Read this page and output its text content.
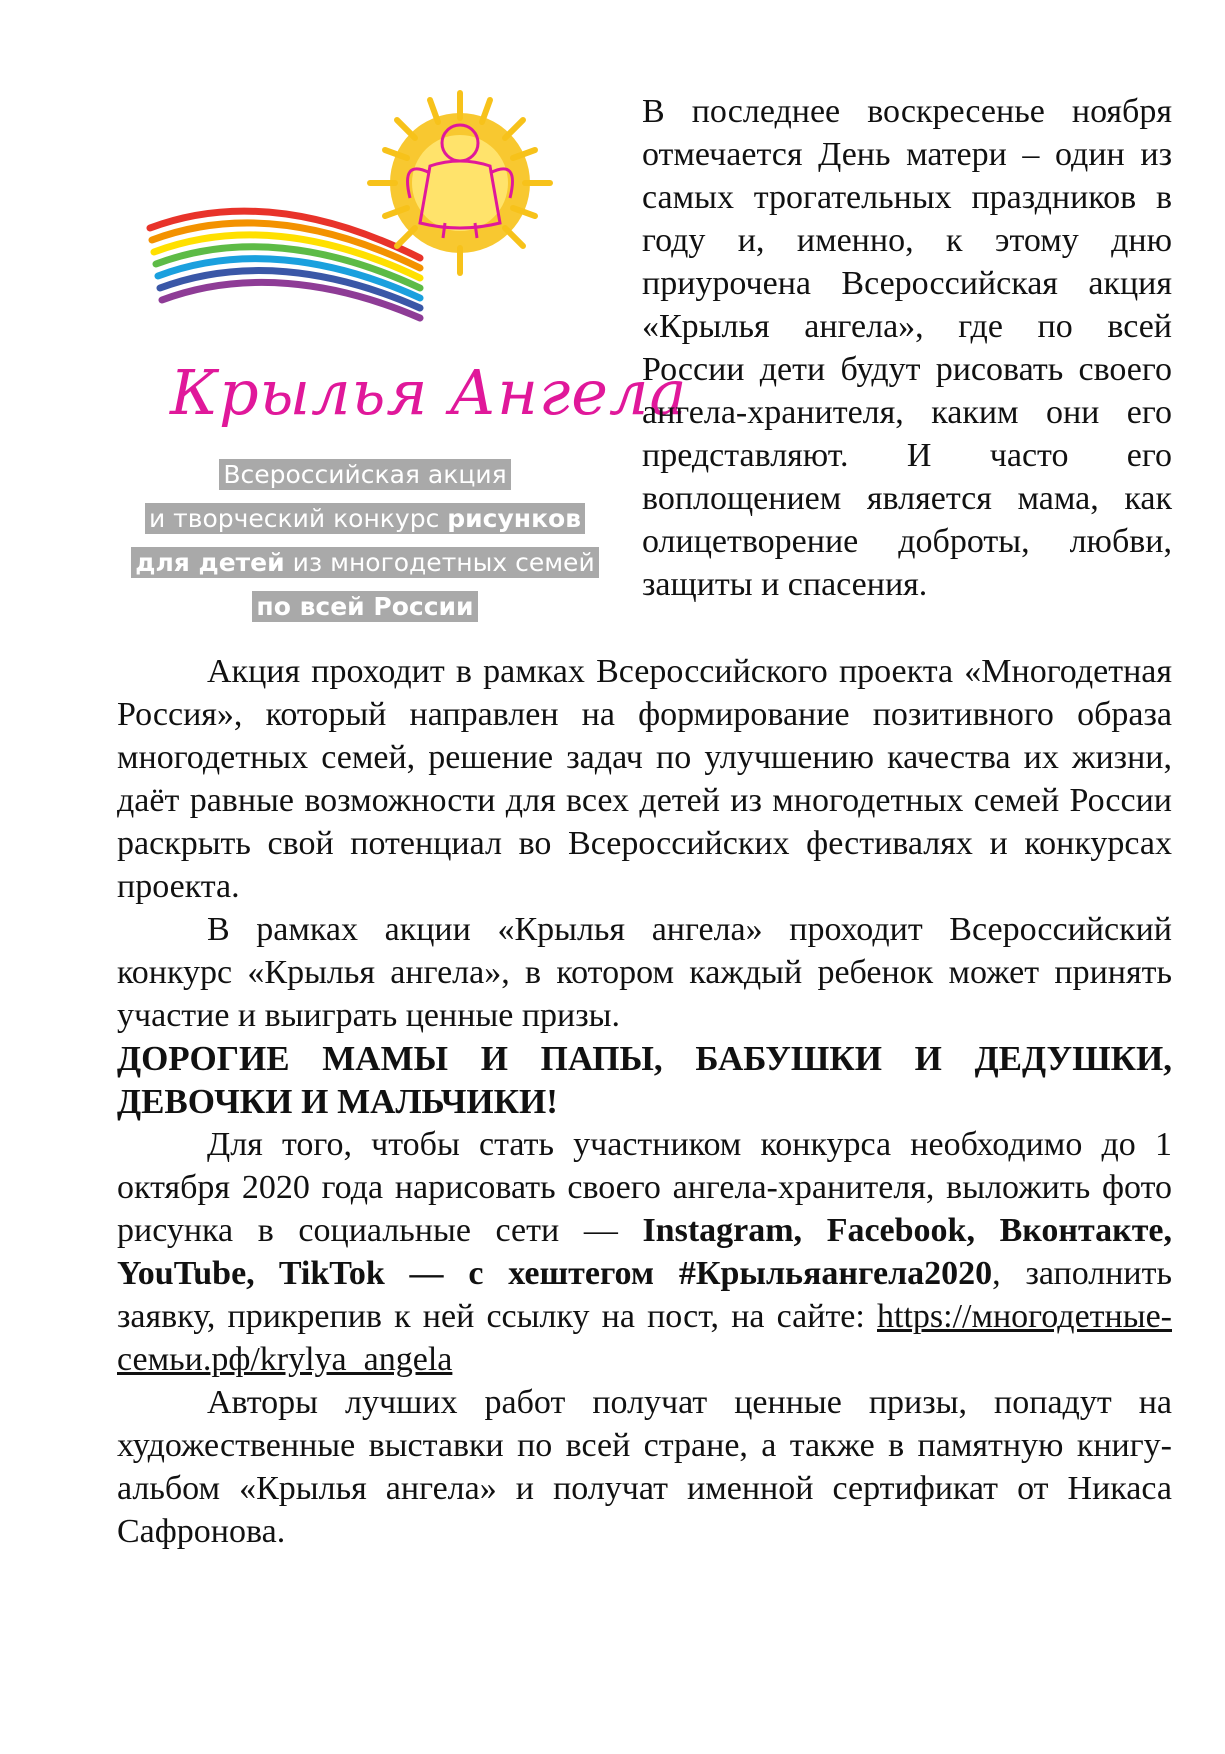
Крылья Ангела
Всероссийская акция
и творческий конкурс рисунков
для детей из многодетных семей
по всей России

В последнее воскресенье ноября отмечается День матери – один из самых трогательных праздников в году и, именно, к этому дню приурочена Всероссийская акция «Крылья ангела», где по всей России дети будут рисовать своего ангела-хранителя, каким они его представляют. И часто его воплощением является мама, как олицетворение доброты, любви, защиты и спасения.

Акция проходит в рамках Всероссийского проекта «Многодетная Россия», который направлен на формирование позитивного образа многодетных семей, решение задач по улучшению качества их жизни, даёт равные возможности для всех детей из многодетных семей России раскрыть свой потенциал во Всероссийских фестивалях и конкурсах проекта.

В рамках акции «Крылья ангела» проходит Всероссийский конкурс «Крылья ангела», в котором каждый ребенок может принять участие и выиграть ценные призы.

ДОРОГИЕ МАМЫ И ПАПЫ, БАБУШКИ И ДЕДУШКИ, ДЕВОЧКИ И МАЛЬЧИКИ!

Для того, чтобы стать участником конкурса необходимо до 1 октября 2020 года нарисовать своего ангела-хранителя, выложить фото рисунка в социальные сети — Instagram, Facebook, Вконтакте, YouTube, TikTok — с хештегом #Крыльяангела2020, заполнить заявку, прикрепив к ней ссылку на пост, на сайте: https://многодетные-семьи.рф/krylya_angela

Авторы лучших работ получат ценные призы, попадут на художественные выставки по всей стране, а также в памятную книгу-альбом «Крылья ангела» и получат именной сертификат от Никаса Сафронова.
